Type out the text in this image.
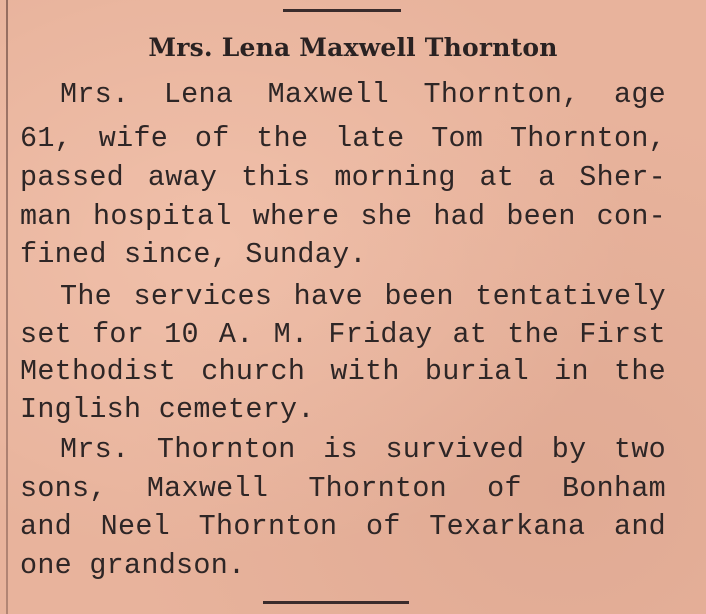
Mrs. Lena Maxwell Thornton
Mrs. Lena Maxwell Thornton, age
61, wife of the late Tom Thornton,
passed away this morning at a Sher-
man hospital where she had been con-
fined since, Sunday.
The services have been tentatively
set for 10 A. M. Friday at the First
Methodist church with burial in the
Inglish cemetery.
Mrs. Thornton is survived by two
sons, Maxwell Thornton of Bonham
and Neel Thornton of Texarkana and
one grandson.
